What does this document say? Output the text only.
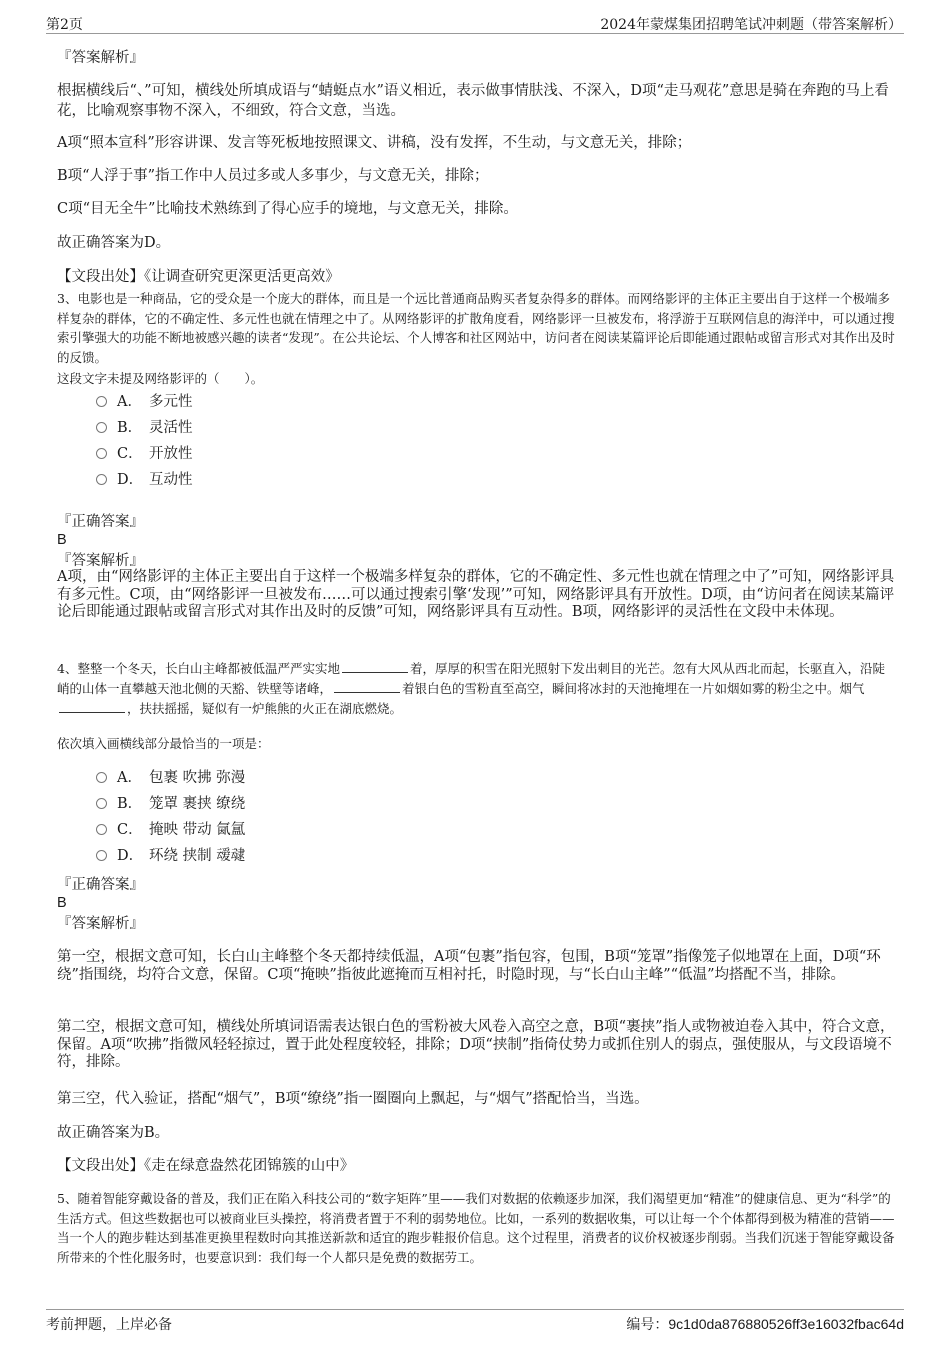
第2页	2024年蒙煤集团招聘笔试冲刺题（带答案解析）

『答案解析』

根据横线后“、”可知，横线处所填成语与“蜻蜓点水”语义相近，表示做事情肤浅、不深入，D项“走马观花”意思是骑在奔跑的马上看花，比喻观察事物不深入，不细致，符合文意，当选。

A项“照本宣科”形容讲课、发言等死板地按照课文、讲稿，没有发挥，不生动，与文意无关，排除；

B项“人浮于事”指工作中人员过多或人多事少，与文意无关，排除；

C项“目无全牛”比喻技术熟练到了得心应手的境地，与文意无关，排除。

故正确答案为D。

【文段出处】《让调查研究更深更活更高效》

3、电影也是一种商品，它的受众是一个庞大的群体，而且是一个远比普通商品购买者复杂得多的群体。而网络影评的主体正主要出自于这样一个极端多样复杂的群体，它的不确定性、多元性也就在情理之中了。从网络影评的扩散角度看，网络影评一旦被发布，将浮游于互联网信息的海洋中，可以通过搜索引擎强大的功能不断地被感兴趣的读者“发现”。在公共论坛、个人博客和社区网站中，访问者在阅读某篇评论后即能通过跟帖或留言形式对其作出及时的反馈。

这段文字未提及网络影评的（　　）。

A． 多元性
B． 灵活性
C． 开放性
D． 互动性

『正确答案』

B

『答案解析』

A项，由“网络影评的主体正主要出自于这样一个极端多样复杂的群体，它的不确定性、多元性也就在情理之中了”可知，网络影评具有多元性。C项，由“网络影评一旦被发布……可以通过搜索引擎‘发现’”可知，网络影评具有开放性。D项，由“访问者在阅读某篇评论后即能通过跟帖或留言形式对其作出及时的反馈”可知，网络影评具有互动性。B项，网络影评的灵活性在文段中未体现。

4、整整一个冬天，长白山主峰都被低温严严实实地	着，厚厚的积雪在阳光照射下发出刺目的光芒。忽有大风从西北而起，长驱直入，沿陡峭的山体一直攀越天池北侧的天豁、铁壁等诸峰，	着银白色的雪粉直至高空，瞬间将冰封的天池掩埋在一片如烟如雾的粉尘之中。烟气，扶扶摇摇，疑似有一炉熊熊的火正在湖底燃烧。

依次填入画横线部分最恰当的一项是：

A． 包裹 吹拂 弥漫
B． 笼罩 裹挟 缭绕
C． 掩映 带动 氤氲
D． 环绕 挟制 叆叇

『正确答案』

B

『答案解析』

第一空，根据文意可知，长白山主峰整个冬天都持续低温，A项“包裹”指包容，包围，B项“笼罩”指像笼子似地罩在上面，D项“环绕”指围绕，均符合文意，保留。C项“掩映”指彼此遮掩而互相衬托，时隐时现，与“长白山主峰”“低温”均搭配不当，排除。

第二空，根据文意可知，横线处所填词语需表达银白色的雪粉被大风卷入高空之意，B项“裹挟”指人或物被迫卷入其中，符合文意，保留。A项“吹拂”指微风轻轻掠过，置于此处程度较轻，排除；D项“挟制”指倚仗势力或抓住别人的弱点，强使服从，与文段语境不符，排除。

第三空，代入验证，搭配“烟气”，B项“缭绕”指一圈圈向上飘起，与“烟气”搭配恰当，当选。

故正确答案为B。

【文段出处】《走在绿意盎然花团锦簇的山中》

5、随着智能穿戴设备的普及，我们正在陷入科技公司的“数字矩阵”里——我们对数据的依赖逐步加深，我们渴望更加“精准”的健康信息、更为“科学”的生活方式。但这些数据也可以被商业巨头操控，将消费者置于不利的弱势地位。比如，一系列的数据收集，可以让每一个个体都得到极为精准的营销——当一个人的跑步鞋达到基准更换里程数时向其推送新款和适宜的跑步鞋报价信息。这个过程里，消费者的议价权被逐步削弱。当我们沉迷于智能穿戴设备所带来的个性化服务时，也要意识到：我们每一个人都只是免费的数据劳工。

考前押题，上岸必备	编号：9c1d0da876880526ff3e16032fbac64d
